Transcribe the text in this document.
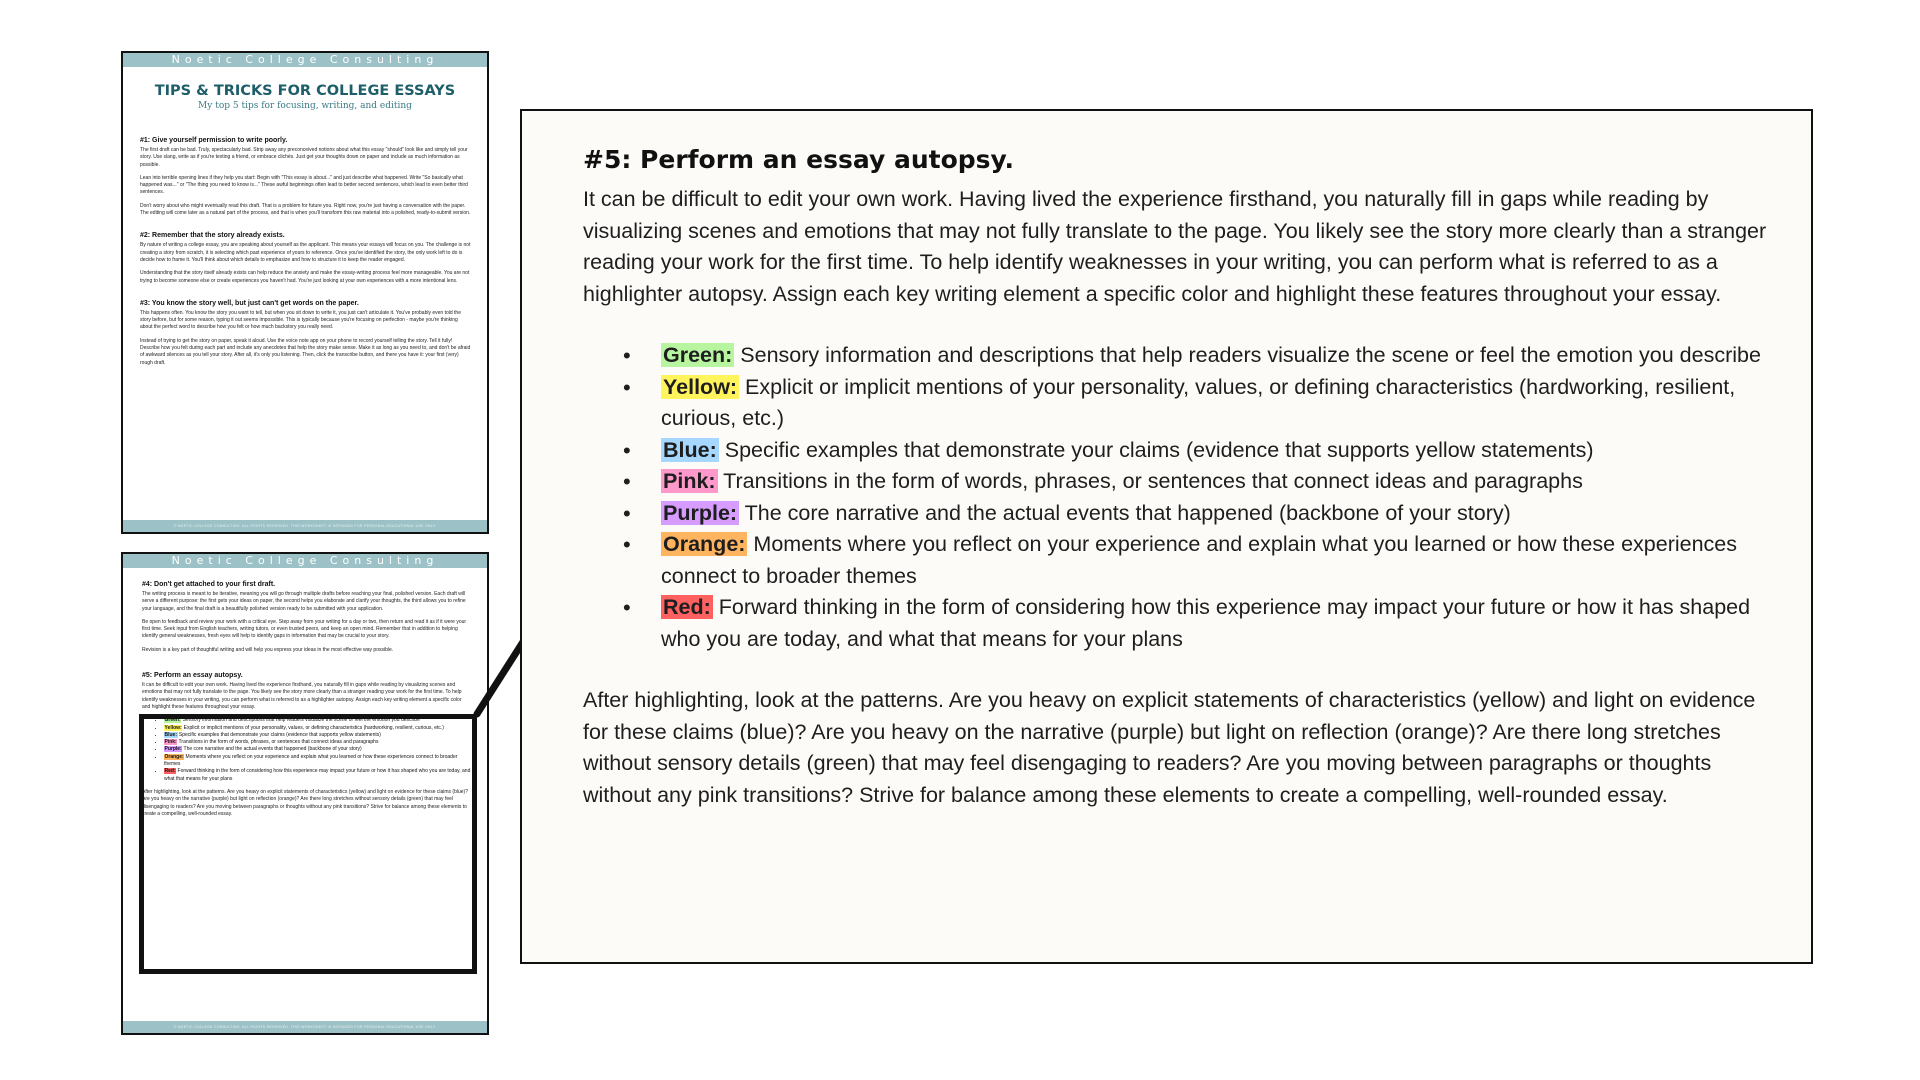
Noetic College Consulting
TIPS & TRICKS FOR COLLEGE ESSAYS
My top 5 tips for focusing, writing, and editing
#1: Give yourself permission to write poorly.

The first draft can be bad. Truly, spectacularly bad. Strip away any preconceived notions about what this essay "should" look like and simply tell your story. Use slang, write as if you're texting a friend, or embrace clichés. Just get your thoughts down on paper and include as much information as possible.

Lean into terrible opening lines if they help you start: Begin with "This essay is about..." and just describe what happened. Write "So basically what happened was..." or "The thing you need to know is..." These awful beginnings often lead to better second sentences, which lead to even better third sentences.

Don't worry about who might eventually read this draft. That is a problem for future you. Right now, you're just having a conversation with the paper. The editing will come later as a natural part of the process, and that is when you'll transform this raw material into a polished, ready-to-submit version.

#2: Remember that the story already exists.

By nature of writing a college essay, you are speaking about yourself as the applicant. This means your essays will focus on you. The challenge is not creating a story from scratch, it is selecting which past experience of yours to reference. Once you've identified the story, the only work left to do is decide how to frame it. You'll think about which details to emphasize and how to structure it to keep the reader engaged.

Understanding that the story itself already exists can help reduce the anxiety and make the essay-writing process feel more manageable. You are not trying to become someone else or create experiences you haven't had. You're just looking at your own experiences with a more intentional lens.

#3: You know the story well, but just can't get words on the paper.

This happens often. You know the story you want to tell, but when you sit down to write it, you just can't articulate it. You've probably even told the story before, but for some reason, typing it out seems impossible. This is typically because you're focusing on perfection - maybe you're thinking about the perfect word to describe how you felt or how much backstory you really need.

Instead of trying to get the story on paper, speak it aloud. Use the voice note app on your phone to record yourself telling the story. Tell it fully! Describe how you felt during each part and include any anecdotes that help the story make sense. Make it as long as you need to, and don't be afraid of awkward silences as you tell your story. After all, it's only you listening. Then, click the transcribe button, and there you have it: your first (very) rough draft.

© NOETIC COLLEGE CONSULTING. ALL RIGHTS RESERVED. THIS WORKSHEET IS INTENDED FOR PERSONAL EDUCATIONAL USE ONLY.
Noetic College Consulting
#4: Don't get attached to your first draft.

The writing process is meant to be iterative, meaning you will go through multiple drafts before reaching your final, polished version. Each draft will serve a different purpose: the first gets your ideas on paper, the second helps you elaborate and clarify your thoughts, the third allows you to refine your language, and the final draft is a beautifully polished version ready to be submitted with your application.

Be open to feedback and review your work with a critical eye. Step away from your writing for a day or two, then return and read it as if it were your first time. Seek input from English teachers, writing tutors, or even trusted peers, and keep an open mind. Remember that in addition to helping identify general weaknesses, fresh eyes will help to identify gaps in information that may be crucial to your story.

Revision is a key part of thoughtful writing and will help you express your ideas in the most effective way possible.

#5: Perform an essay autopsy.

It can be difficult to edit your own work. Having lived the experience firsthand, you naturally fill in gaps while reading by visualizing scenes and emotions that may not fully translate to the page. You likely see the story more clearly than a stranger reading your work for the first time. To help identify weaknesses in your writing, you can perform what is referred to as a highlighter autopsy. Assign each key writing element a specific color and highlight these features throughout your essay.

• Green: Sensory information and descriptions that help readers visualize the scene or feel the emotion you describe
• Yellow: Explicit or implicit mentions of your personality, values, or defining characteristics (hardworking, resilient, curious, etc.)
• Blue: Specific examples that demonstrate your claims (evidence that supports yellow statements)
• Pink: Transitions in the form of words, phrases, or sentences that connect ideas and paragraphs
• Purple: The core narrative and the actual events that happened (backbone of your story)
• Orange: Moments where you reflect on your experience and explain what you learned or how these experiences connect to broader themes
• Red: Forward thinking in the form of considering how this experience may impact your future or how it has shaped who you are today, and what that means for your plans

After highlighting, look at the patterns. Are you heavy on explicit statements of characteristics (yellow) and light on evidence for these claims (blue)? Are you heavy on the narrative (purple) but light on reflection (orange)? Are there long stretches without sensory details (green) that may feel disengaging to readers? Are you moving between paragraphs or thoughts without any pink transitions? Strive for balance among these elements to create a compelling, well-rounded essay.

© NOETIC COLLEGE CONSULTING. ALL RIGHTS RESERVED. THIS WORKSHEET IS INTENDED FOR PERSONAL EDUCATIONAL USE ONLY.
#5: Perform an essay autopsy.

It can be difficult to edit your own work. Having lived the experience firsthand, you naturally fill in gaps while reading by visualizing scenes and emotions that may not fully translate to the page. You likely see the story more clearly than a stranger reading your work for the first time. To help identify weaknesses in your writing, you can perform what is referred to as a highlighter autopsy. Assign each key writing element a specific color and highlight these features throughout your essay.

• Green: Sensory information and descriptions that help readers visualize the scene or feel the emotion you describe
• Yellow: Explicit or implicit mentions of your personality, values, or defining characteristics (hardworking, resilient, curious, etc.)
• Blue: Specific examples that demonstrate your claims (evidence that supports yellow statements)
• Pink: Transitions in the form of words, phrases, or sentences that connect ideas and paragraphs
• Purple: The core narrative and the actual events that happened (backbone of your story)
• Orange: Moments where you reflect on your experience and explain what you learned or how these experiences connect to broader themes
• Red: Forward thinking in the form of considering how this experience may impact your future or how it has shaped who you are today, and what that means for your plans

After highlighting, look at the patterns. Are you heavy on explicit statements of characteristics (yellow) and light on evidence for these claims (blue)? Are you heavy on the narrative (purple) but light on reflection (orange)? Are there long stretches without sensory details (green) that may feel disengaging to readers? Are you moving between paragraphs or thoughts without any pink transitions? Strive for balance among these elements to create a compelling, well-rounded essay.
